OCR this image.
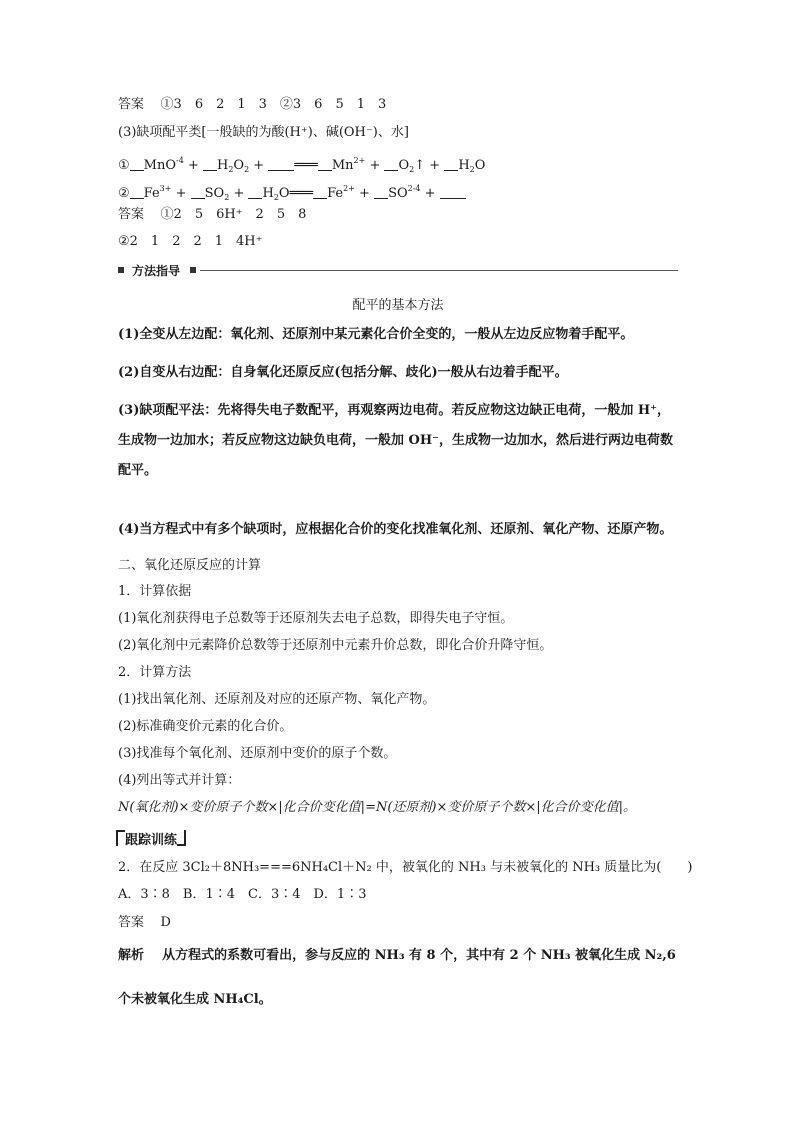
答案 ①3　6　2　1　3　②3　6　5　1　3
(3)缺项配平类[一般缺的为酸(H⁺)、碱(OH⁻)、水]
① $MnO^{-4} + H_2O_2$ + ═══ $Mn^{2+}$ + $O_2↑ + H_2O$
② $Fe^{3+} + SO_2$ + $H_2O═══$ $Fe^{2+} + SO^{2-4}$ +
答案 ①2　5　6H⁺　2　5　8
②2　1　2　2　1　4H⁺
方法指导
配平的基本方法
(1)全变从左边配：氧化剂、还原剂中某元素化合价全变的，一般从左边反应物着手配平。
(2)自变从右边配：自身氧化还原反应(包括分解、歧化)一般从右边着手配平。
(3)缺项配平法：先将得失电子数配平，再观察两边电荷。若反应物这边缺正电荷，一般加 H⁺，生成物一边加水；若反应物这边缺负电荷，一般加 OH⁻，生成物一边加水，然后进行两边电荷数配平。
(4)当方程式中有多个缺项时，应根据化合价的变化找准氧化剂、还原剂、氧化产物、还原产物。
二、氧化还原反应的计算
1．计算依据
(1)氧化剂获得电子总数等于还原剂失去电子总数，即得失电子守恒。
(2)氧化剂中元素降价总数等于还原剂中元素升价总数，即化合价升降守恒。
2．计算方法
(1)找出氧化剂、还原剂及对应的还原产物、氧化产物。
(2)标准确变价元素的化合价。
(3)找准每个氧化剂、还原剂中变价的原子个数。
(4)列出等式并计算：
N(氧化剂)×变价原子个数×|化合价变化值|=N(还原剂)×变价原子个数×|化合价变化值|。
跟踪训练
2．在反应 3Cl₂＋8NH₃===6NH₄Cl＋N₂ 中，被氧化的 NH₃ 与未被氧化的 NH₃ 质量比为(　　)
A．3∶8　B．1∶4　C．3∶4　D．1∶3
答案 D
解析 从方程式的系数可看出，参与反应的 NH₃ 有 8 个，其中有 2 个 NH₃ 被氧化生成 N₂,6
个未被氧化生成 NH₄Cl。
